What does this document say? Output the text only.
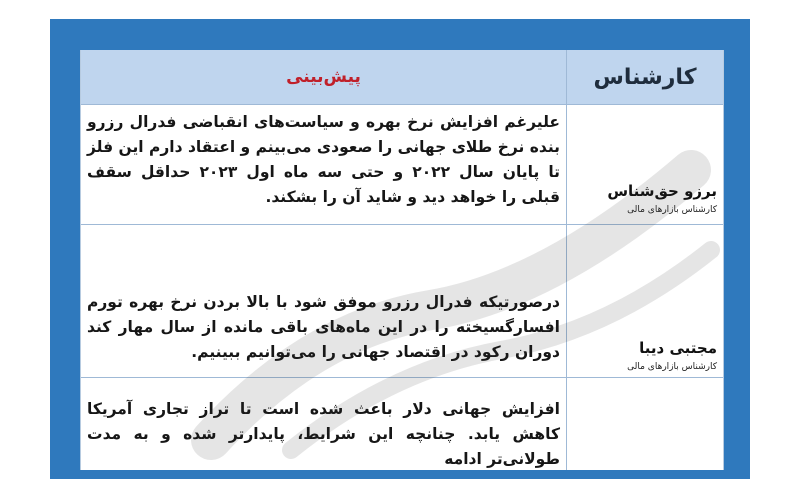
پیش‌بینی	کارشناس
علیرغم افزایش نرخ بهره و سیاست‌های انقباضی فدرال رزرو بنده نرخ طلای جهانی را صعودی می‌بینم و اعتقاد دارم این فلز تا پایان سال ۲۰۲۲ و حتی سه ماه اول ۲۰۲۳ حداقل سقف قبلی را خواهد دید و شاید آن را بشکند.	برزو حق‌شناس
کارشناس بازارهای مالی
درصورتیکه فدرال رزرو موفق شود با بالا بردن نرخ بهره تورم افسارگسیخته را در این ماه‌های باقی مانده از سال مهار کند دوران رکود در اقتصاد جهانی را می‌توانیم ببینیم.	مجتبی دیبا
کارشناس بازارهای مالی
افزایش جهانی دلار باعث شده است تا تراز تجاری آمریکا کاهش یابد. چنانچه این شرایط، پایدارتر شده و به مدت طولانی‌تر ادامه
